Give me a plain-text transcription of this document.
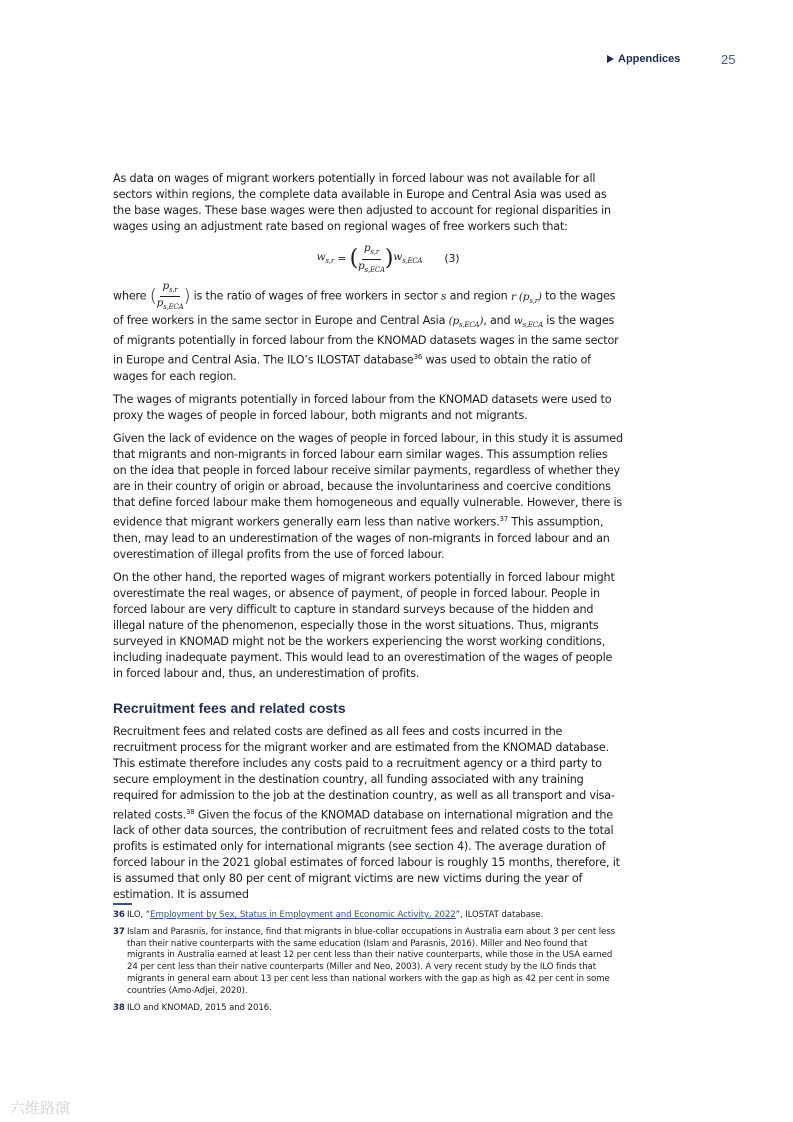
Appendices	25

As data on wages of migrant workers potentially in forced labour was not available for all sectors within regions, the complete data available in Europe and Central Asia was used as the base wages. These base wages were then adjusted to account for regional disparities in wages using an adjustment rate based on regional wages of free workers such that:

$w_{s,r}$ = ( $\frac{p_{s,r}}{p_{s,ECA}}$ ) $w_{s,ECA}$ (3)

where ( $\frac{p_{s,r}}{p_{s,ECA}}$ ) is the ratio of wages of free workers in sector s and region r $(p_{s,r})$ to the wages of free workers in the same sector in Europe and Central Asia $(p_{s,ECA})$, and $w_{s,ECA}$ is the wages of migrants potentially in forced labour from the KNOMAD datasets wages in the same sector in Europe and Central Asia. The ILO’s ILOSTAT database$^{36}$ was used to obtain the ratio of wages for each region.

The wages of migrants potentially in forced labour from the KNOMAD datasets were used to proxy the wages of people in forced labour, both migrants and not migrants.

Given the lack of evidence on the wages of people in forced labour, in this study it is assumed that migrants and non-migrants in forced labour earn similar wages. This assumption relies on the idea that people in forced labour receive similar payments, regardless of whether they are in their country of origin or abroad, because the involuntariness and coercive conditions that define forced labour make them homogeneous and equally vulnerable. However, there is evidence that migrant workers generally earn less than native workers.$^{37}$ This assumption, then, may lead to an underestimation of the wages of non-migrants in forced labour and an overestimation of illegal profits from the use of forced labour.

On the other hand, the reported wages of migrant workers potentially in forced labour might overestimate the real wages, or absence of payment, of people in forced labour. People in forced labour are very difficult to capture in standard surveys because of the hidden and illegal nature of the phenomenon, especially those in the worst situations. Thus, migrants surveyed in KNOMAD might not be the workers experiencing the worst working conditions, including inadequate payment. This would lead to an overestimation of the wages of people in forced labour and, thus, an underestimation of profits.

Recruitment fees and related costs

Recruitment fees and related costs are defined as all fees and costs incurred in the recruitment process for the migrant worker and are estimated from the KNOMAD database. This estimate therefore includes any costs paid to a recruitment agency or a third party to secure employment in the destination country, all funding associated with any training required for admission to the job at the destination country, as well as all transport and visa-related costs.$^{38}$ Given the focus of the KNOMAD database on international migration and the lack of other data sources, the contribution of recruitment fees and related costs to the total profits is estimated only for international migrants (see section 4). The average duration of forced labour in the 2021 global estimates of forced labour is roughly 15 months, therefore, it is assumed that only 80 per cent of migrant victims are new victims during the year of estimation. It is assumed

36 ILO, “Employment by Sex, Status in Employment and Economic Activity, 2022”, ILOSTAT database.
37 Islam and Parasnis, for instance, find that migrants in blue-collar occupations in Australia earn about 3 per cent less than their native counterparts with the same education (Islam and Parasnis, 2016). Miller and Neo found that migrants in Australia earned at least 12 per cent less than their native counterparts, while those in the USA earned 24 per cent less than their native counterparts (Miller and Neo, 2003). A very recent study by the ILO finds that migrants in general earn about 13 per cent less than national workers with the gap as high as 42 per cent in some countries (Amo-Adjei, 2020).
38 ILO and KNOMAD, 2015 and 2016.
六维路演
